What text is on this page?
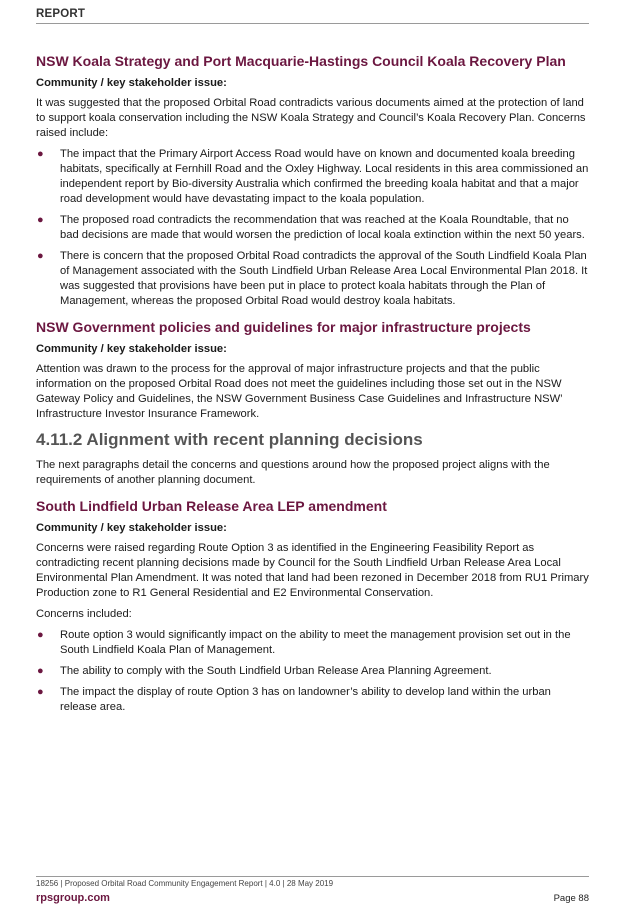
REPORT
NSW Koala Strategy and Port Macquarie-Hastings Council Koala Recovery Plan
Community / key stakeholder issue:

It was suggested that the proposed Orbital Road contradicts various documents aimed at the protection of land to support koala conservation including the NSW Koala Strategy and Council’s Koala Recovery Plan. Concerns raised include:

● The impact that the Primary Airport Access Road would have on known and documented koala breeding habitats, specifically at Fernhill Road and the Oxley Highway. Local residents in this area commissioned an independent report by Bio-diversity Australia which confirmed the breeding koala habitat and that a major road development would have devastating impact to the koala population.
● The proposed road contradicts the recommendation that was reached at the Koala Roundtable, that no bad decisions are made that would worsen the prediction of local koala extinction within the next 50 years.
● There is concern that the proposed Orbital Road contradicts the approval of the South Lindfield Koala Plan of Management associated with the South Lindfield Urban Release Area Local Environmental Plan 2018. It was suggested that provisions have been put in place to protect koala habitats through the Plan of Management, whereas the proposed Orbital Road would destroy koala habitats.
NSW Government policies and guidelines for major infrastructure projects
Community / key stakeholder issue:

Attention was drawn to the process for the approval of major infrastructure projects and that the public information on the proposed Orbital Road does not meet the guidelines including those set out in the NSW Gateway Policy and Guidelines, the NSW Government Business Case Guidelines and Infrastructure NSW’ Infrastructure Investor Insurance Framework.

4.11.2 Alignment with recent planning decisions

The next paragraphs detail the concerns and questions around how the proposed project aligns with the requirements of another planning document.

South Lindfield Urban Release Area LEP amendment
Community / key stakeholder issue:

Concerns were raised regarding Route Option 3 as identified in the Engineering Feasibility Report as contradicting recent planning decisions made by Council for the South Lindfield Urban Release Area Local Environmental Plan Amendment. It was noted that land had been rezoned in December 2018 from RU1 Primary Production zone to R1 General Residential and E2 Environmental Conservation.

Concerns included:

● Route option 3 would significantly impact on the ability to meet the management provision set out in the South Lindfield Koala Plan of Management.
● The ability to comply with the South Lindfield Urban Release Area Planning Agreement.
● The impact the display of route Option 3 has on landowner’s ability to develop land within the urban release area.
18256 | Proposed Orbital Road Community Engagement Report | 4.0 | 28 May 2019
rpsgroup.com	Page 88
